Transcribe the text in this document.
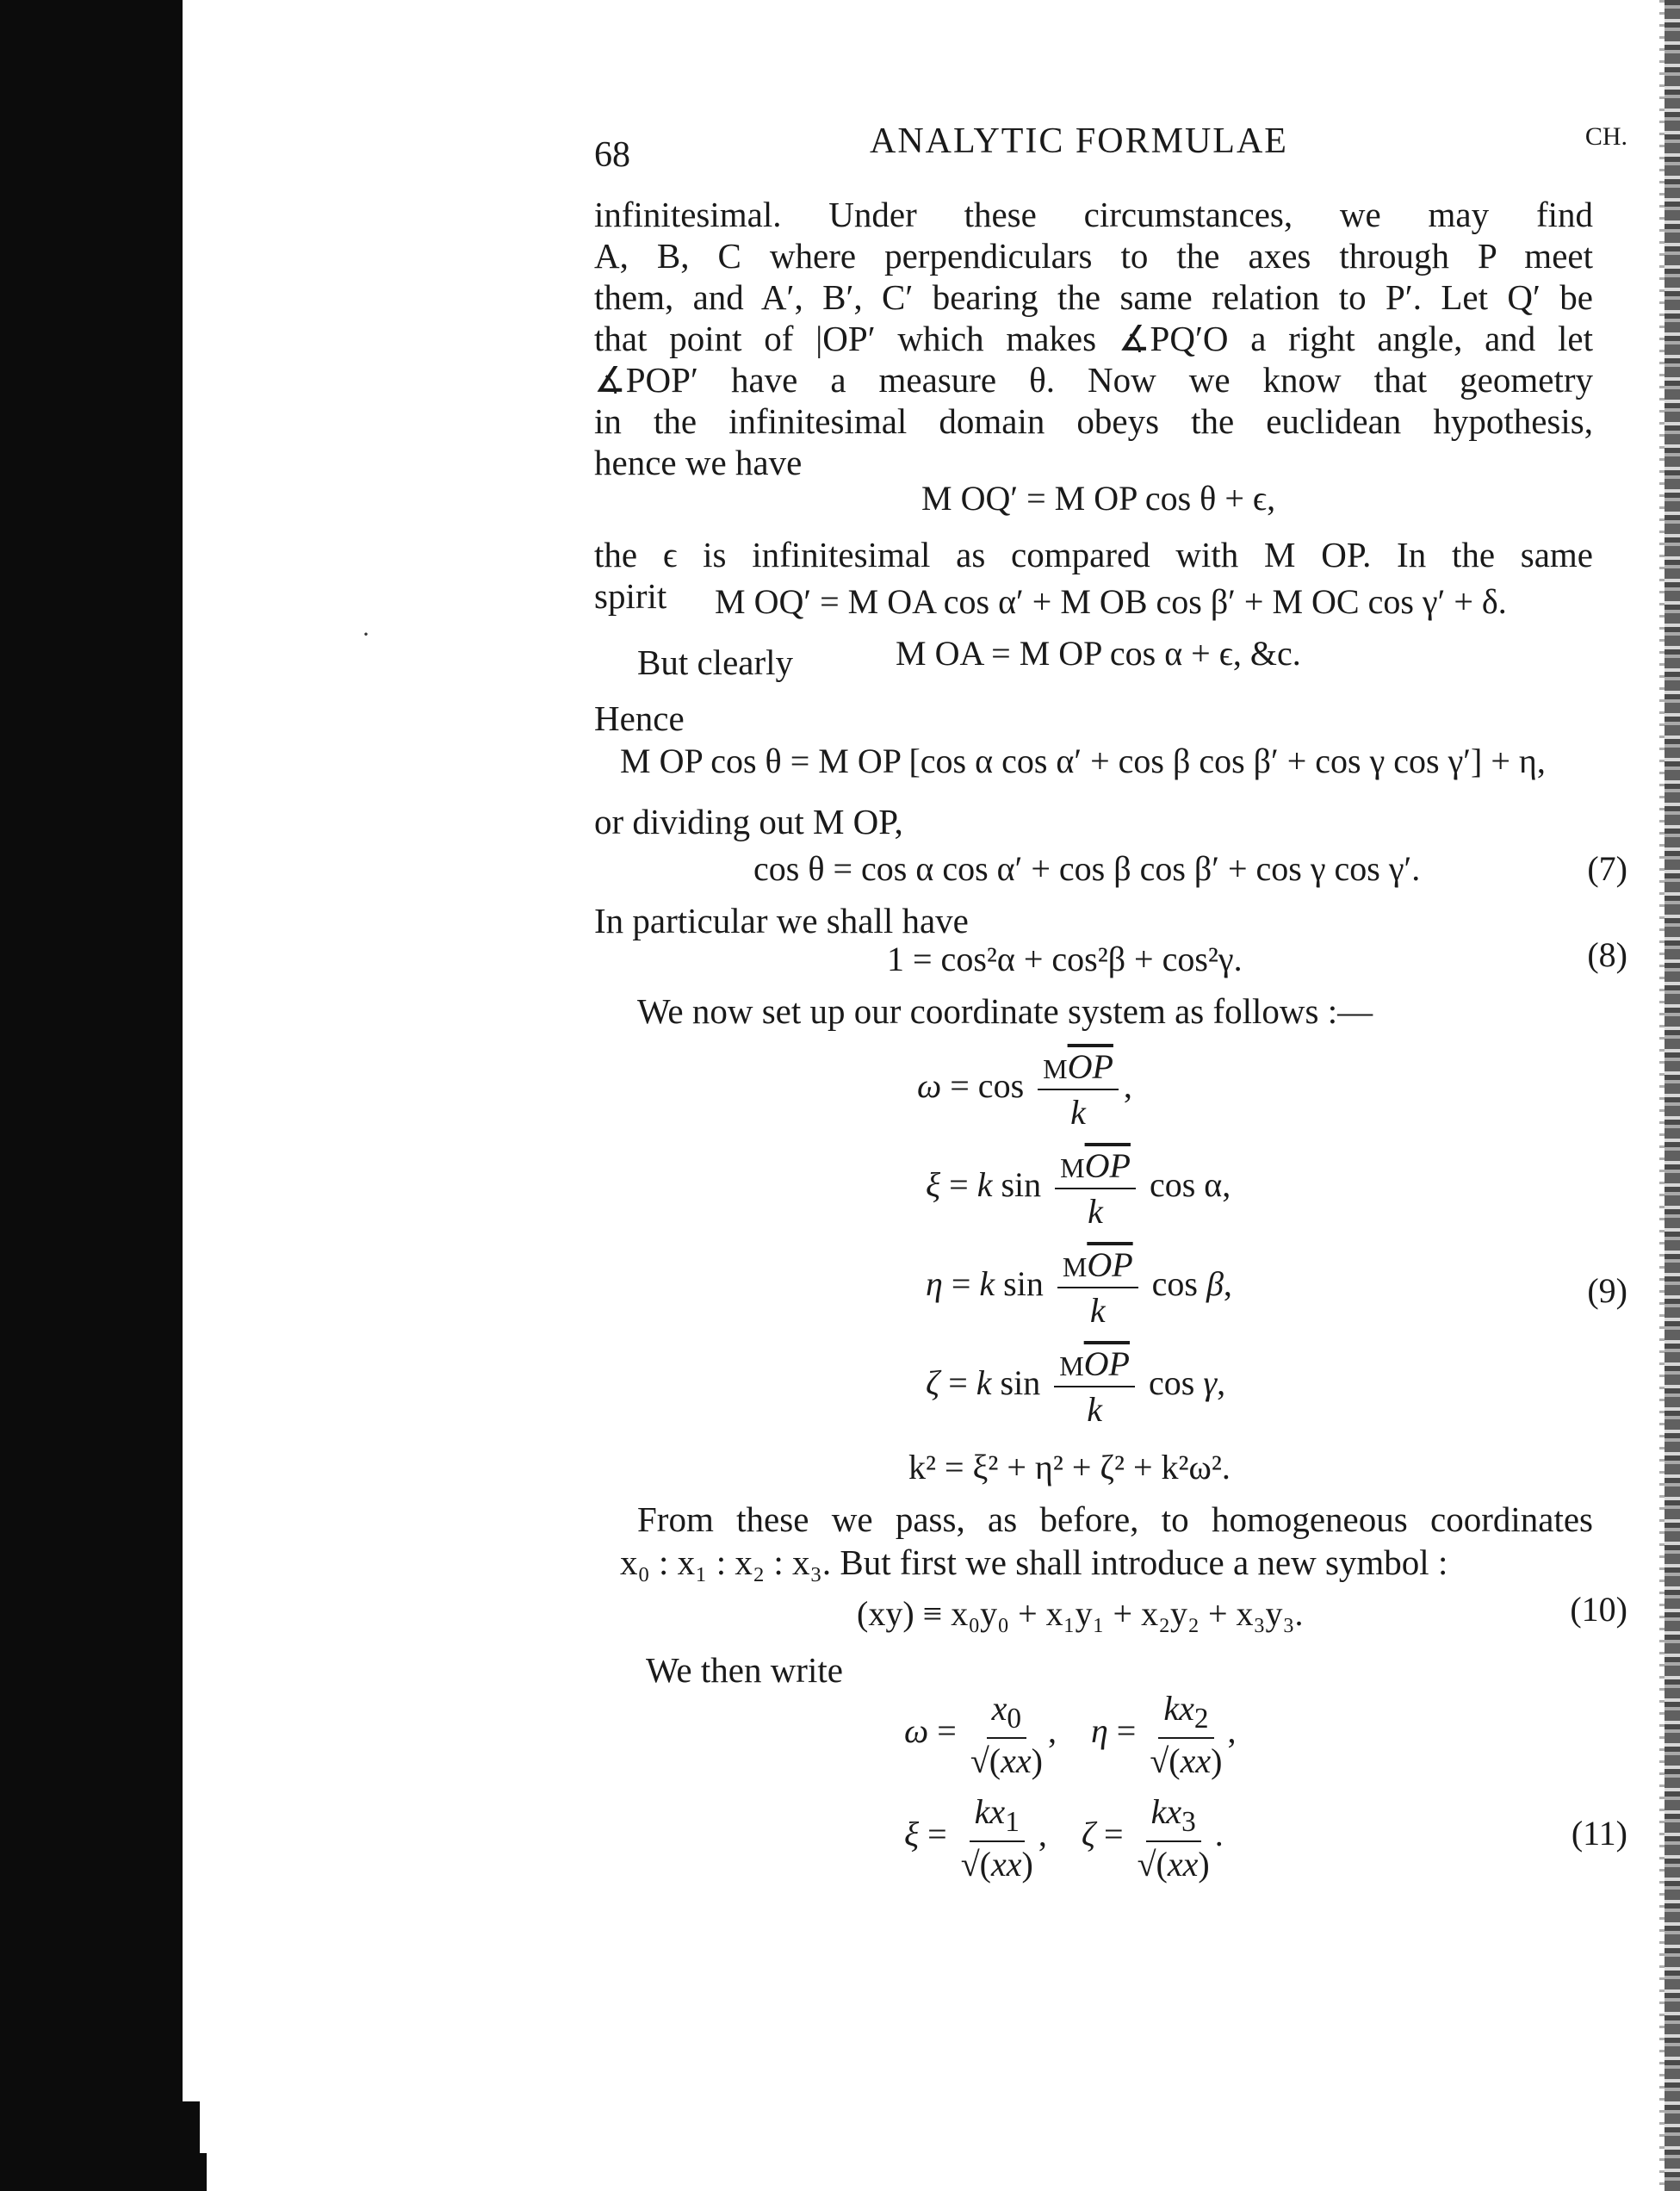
·
68	ANALYTIC FORMULAE	CH.
infinitesimal. Under these circumstances, we may find
A, B, C where perpendiculars to the axes through P meet
them, and A′, B′, C′ bearing the same relation to P′. Let Q′ be
that point of |OP′ which makes ∡PQ′O a right angle, and let
∡POP′ have a measure θ. Now we know that geometry
in the infinitesimal domain obeys the euclidean hypothesis,
hence we have
M OQ′ = M OP cos θ + ϵ,
the ϵ is infinitesimal as compared with M OP. In the same
spirit	M OQ′ = M OA cos α′ + M OB cos β′ + M OC cos γ′ + δ.
But clearly	M OA = M OP cos α + ϵ, &c.
Hence
M OP cos θ = M OP [cos α cos α′ + cos β cos β′ + cos γ cos γ′] + η,
or dividing out M OP,
cos θ = cos α cos α′ + cos β cos β′ + cos γ cos γ′.	(7)
In particular we shall have
1 = cos²α + cos²β + cos²γ.	(8)
We now set up our coordinate system as follows :—
$\omega = \cos \frac{M\overline{OP}}{k}$ ,
ξ = k $\sin \frac{M\overline{OP}}{k}$ cos α,
η = k $\sin \frac{M\overline{OP}}{k}$ cos β,	(9)
ζ = k $\sin \frac{M\overline{OP}}{k}$ cos γ,
k² = ξ² + η² + ζ² + k²ω².
From these we pass, as before, to homogeneous coordinates
x₀ : x₁ : x₂ : x₃. But first we shall introduce a new symbol :
(xy) ≡ x₀y₀ + x₁y₁ + x₂y₂ + x₃y₃.	(10)
We then write
$\omega = \frac{x_0}{√(xx)}$ ,    $\eta = \frac{kx_2}{√(xx)}$ ,
$\xi = \frac{kx_1}{√(xx)}$ ,    $\zeta = \frac{kx_3}{√(xx)}$ .	(11)
